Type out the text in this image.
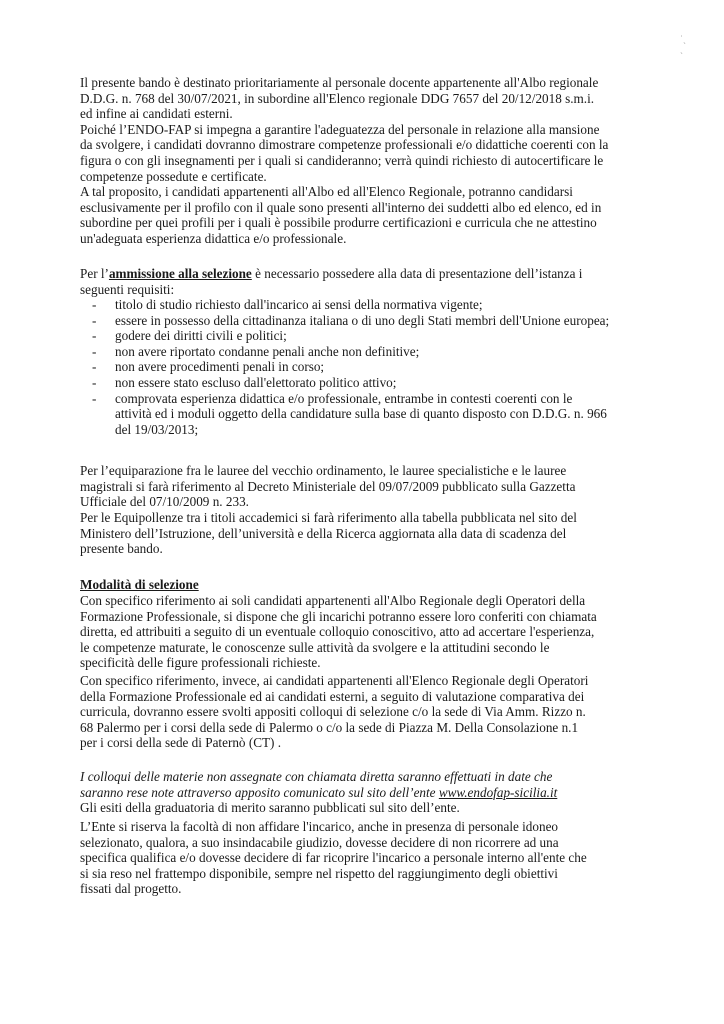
˙ˎ
ˎ
Il presente bando è destinato prioritariamente al personale docente appartenente all'Albo regionale
D.D.G. n. 768 del 30/07/2021, in subordine all'Elenco regionale DDG 7657 del 20/12/2018 s.m.i.
ed infine ai candidati esterni.
Poiché l’ENDO-FAP si impegna a garantire l'adeguatezza del personale in relazione alla mansione
da svolgere, i candidati dovranno dimostrare competenze professionali e/o didattiche coerenti con la
figura o con gli insegnamenti per i quali si candideranno; verrà quindi richiesto di autocertificare le
competenze possedute e certificate.
A tal proposito, i candidati appartenenti all'Albo ed all'Elenco Regionale, potranno candidarsi
esclusivamente per il profilo con il quale sono presenti all'interno dei suddetti albo ed elenco, ed in
subordine per quei profili per i quali è possibile produrre certificazioni e curricula che ne attestino
un'adeguata esperienza didattica e/o professionale.
Per l’ammissione alla selezione è necessario possedere alla data di presentazione dell’istanza i
seguenti requisiti:
- titolo di studio richiesto dall'incarico ai sensi della normativa vigente;
- essere in possesso della cittadinanza italiana o di uno degli Stati membri dell'Unione europea;
- godere dei diritti civili e politici;
- non avere riportato condanne penali anche non definitive;
- non avere procedimenti penali in corso;
- non essere stato escluso dall'elettorato politico attivo;
- comprovata esperienza didattica e/o professionale, entrambe in contesti coerenti con le
attività ed i moduli oggetto della candidature sulla base di quanto disposto con D.D.G. n. 966
del 19/03/2013;
Per l’equiparazione fra le lauree del vecchio ordinamento, le lauree specialistiche e le lauree
magistrali si farà riferimento al Decreto Ministeriale del 09/07/2009 pubblicato sulla Gazzetta
Ufficiale del 07/10/2009 n. 233.
Per le Equipollenze tra i titoli accademici si farà riferimento alla tabella pubblicata nel sito del
Ministero dell’Istruzione, dell’università e della Ricerca aggiornata alla data di scadenza del
presente bando.
Modalità di selezione
Con specifico riferimento ai soli candidati appartenenti all'Albo Regionale degli Operatori della
Formazione Professionale, si dispone che gli incarichi potranno essere loro conferiti con chiamata
diretta, ed attribuiti a seguito di un eventuale colloquio conoscitivo, atto ad accertare l'esperienza,
le competenze maturate, le conoscenze sulle attività da svolgere e la attitudini secondo le
specificità delle figure professionali richieste.
Con specifico riferimento, invece, ai candidati appartenenti all'Elenco Regionale degli Operatori
della Formazione Professionale ed ai candidati esterni, a seguito di valutazione comparativa dei
curricula, dovranno essere svolti appositi colloqui di selezione c/o la sede di Via Amm. Rizzo n.
68 Palermo per i corsi della sede di Palermo o c/o la sede di Piazza M. Della Consolazione n.1
per i corsi della sede di Paternò (CT) .
I colloqui delle materie non assegnate con chiamata diretta saranno effettuati in date che
saranno rese note attraverso apposito comunicato sul sito dell’ente www.endofap-sicilia.it
Gli esiti della graduatoria di merito saranno pubblicati sul sito dell’ente.
L’Ente si riserva la facoltà di non affidare l'incarico, anche in presenza di personale idoneo
selezionato, qualora, a suo insindacabile giudizio, dovesse decidere di non ricorrere ad una
specifica qualifica e/o dovesse decidere di far ricoprire l'incarico a personale interno all'ente che
si sia reso nel frattempo disponibile, sempre nel rispetto del raggiungimento degli obiettivi
fissati dal progetto.
